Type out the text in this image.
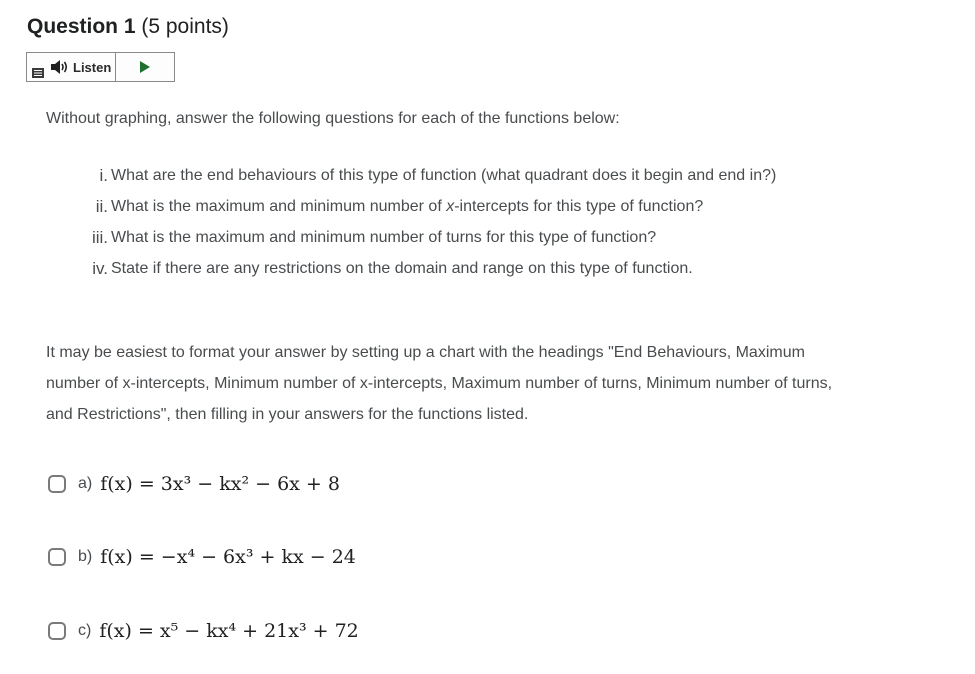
Question 1 (5 points)
Listen
Without graphing, answer the following questions for each of the functions below:
i. What are the end behaviours of this type of function (what quadrant does it begin and end in?)
ii. What is the maximum and minimum number of x-intercepts for this type of function?
iii. What is the maximum and minimum number of turns for this type of function?
iv. State if there are any restrictions on the domain and range on this type of function.
It may be easiest to format your answer by setting up a chart with the headings "End Behaviours, Maximum number of x-intercepts, Minimum number of x-intercepts, Maximum number of turns, Minimum number of turns, and Restrictions", then filling in your answers for the functions listed.
a) f(x) = 3x³ − kx² − 6x + 8
b) f(x) = −x⁴ − 6x³ + kx − 24
c) f(x) = x⁵ − kx⁴ + 21x³ + 72
